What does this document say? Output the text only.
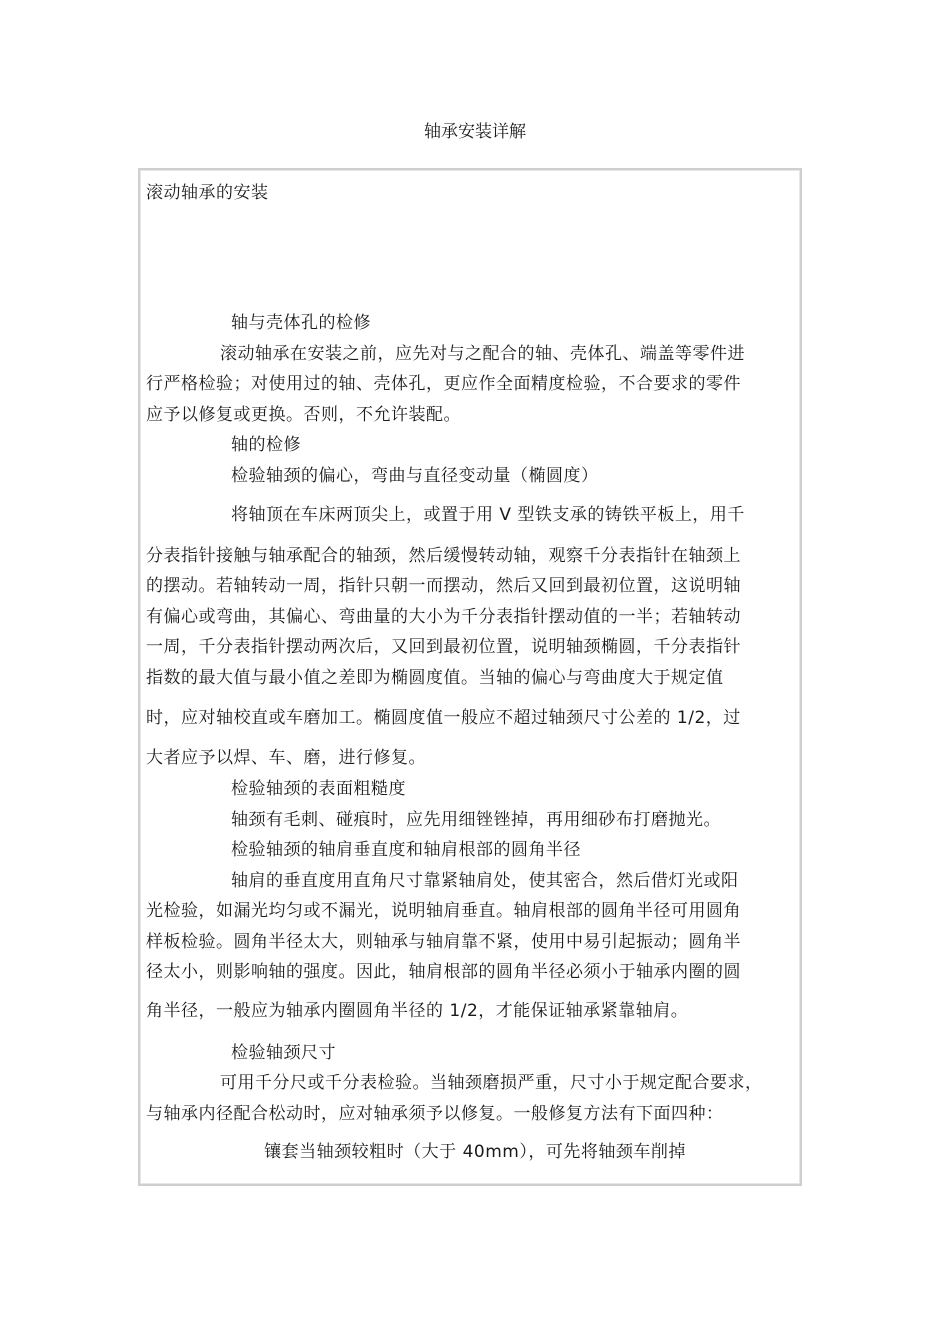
轴承安装详解
滚动轴承的安装
轴与壳体孔的检修
滚动轴承在安装之前，应先对与之配合的轴、壳体孔、端盖等零件进
行严格检验；对使用过的轴、壳体孔，更应作全面精度检验，不合要求的零件
应予以修复或更换。否则，不允许装配。
轴的检修
检验轴颈的偏心，弯曲与直径变动量（椭圆度）
将轴顶在车床两顶尖上，或置于用 V 型铁支承的铸铁平板上，用千
分表指针接触与轴承配合的轴颈，然后缓慢转动轴，观察千分表指针在轴颈上
的摆动。若轴转动一周，指针只朝一而摆动，然后又回到最初位置，这说明轴
有偏心或弯曲，其偏心、弯曲量的大小为千分表指针摆动值的一半；若轴转动
一周，千分表指针摆动两次后，又回到最初位置，说明轴颈椭圆，千分表指针
指数的最大值与最小值之差即为椭圆度值。当轴的偏心与弯曲度大于规定值
时，应对轴校直或车磨加工。椭圆度值一般应不超过轴颈尺寸公差的 1/2，过
大者应予以焊、车、磨，进行修复。
检验轴颈的表面粗糙度
轴颈有毛刺、碰痕时，应先用细锉锉掉，再用细砂布打磨抛光。
检验轴颈的轴肩垂直度和轴肩根部的圆角半径
轴肩的垂直度用直角尺寸靠紧轴肩处，使其密合，然后借灯光或阳
光检验，如漏光均匀或不漏光，说明轴肩垂直。轴肩根部的圆角半径可用圆角
样板检验。圆角半径太大，则轴承与轴肩靠不紧，使用中易引起振动；圆角半
径太小，则影响轴的强度。因此，轴肩根部的圆角半径必须小于轴承内圈的圆
角半径，一般应为轴承内圈圆角半径的 1/2，才能保证轴承紧靠轴肩。
检验轴颈尺寸
可用千分尺或千分表检验。当轴颈磨损严重，尺寸小于规定配合要求，
与轴承内径配合松动时，应对轴承须予以修复。一般修复方法有下面四种：
镶套当轴颈较粗时（大于 40mm），可先将轴颈车削掉
